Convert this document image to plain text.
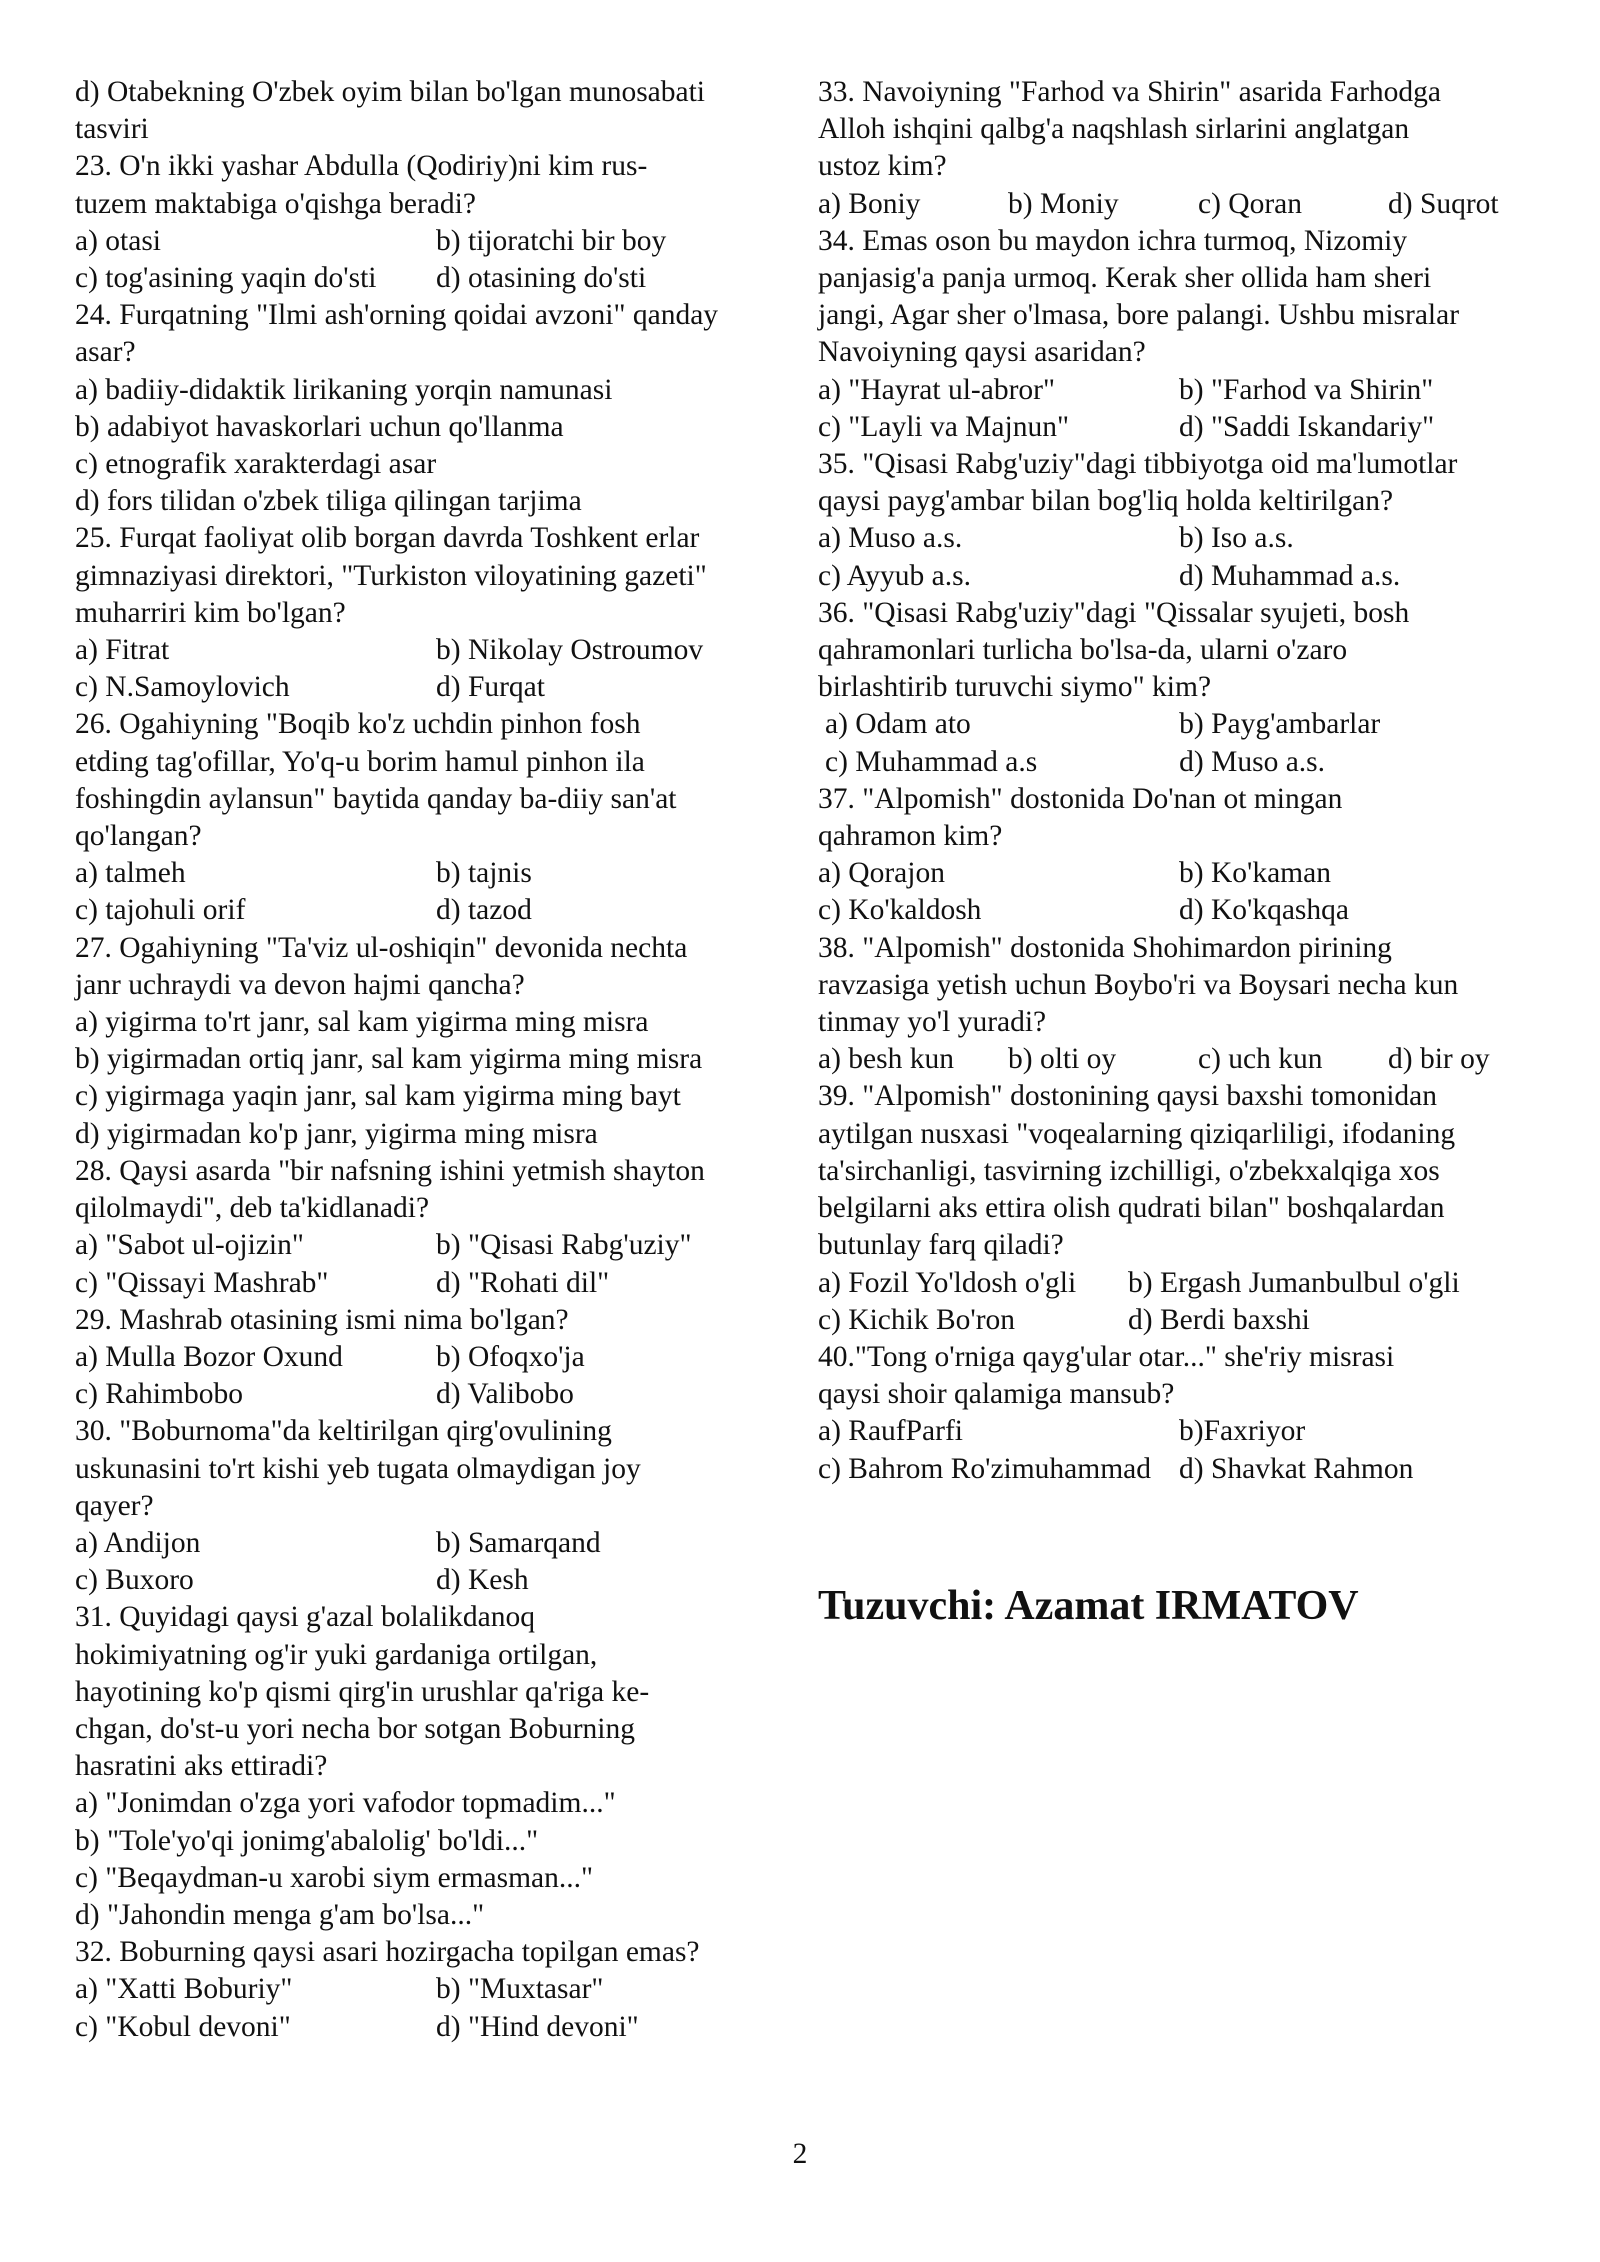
d) Otabekning O'zbek oyim bilan bo'lgan munosabati
tasviri
23. O'n ikki yashar Abdulla (Qodiriy)ni kim rus-
tuzem maktabiga o'qishga beradi?
a) otasi	b) tijoratchi bir boy
c) tog'asining yaqin do'sti	d) otasining do'sti
24. Furqatning "Ilmi ash'orning qoidai avzoni" qanday
asar?
a) badiiy-didaktik lirikaning yorqin namunasi
b) adabiyot havaskorlari uchun qo'llanma
c) etnografik xarakterdagi asar
d) fors tilidan o'zbek tiliga qilingan tarjima
25. Furqat faoliyat olib borgan davrda Toshkent erlar
gimnaziyasi direktori, "Turkiston viloyatining gazeti"
muharriri kim bo'lgan?
a) Fitrat	b) Nikolay Ostroumov
c) N.Samoylovich	d) Furqat
26. Ogahiyning "Boqib ko'z uchdin pinhon fosh
etding tag'ofillar, Yo'q-u borim hamul pinhon ila
foshingdin aylansun" baytida qanday ba-diiy san'at
qo'langan?
a) talmeh	b) tajnis
c) tajohuli orif	d) tazod
27. Ogahiyning "Ta'viz ul-oshiqin" devonida nechta
janr uchraydi va devon hajmi qancha?
a) yigirma to'rt janr, sal kam yigirma ming misra
b) yigirmadan ortiq janr, sal kam yigirma ming misra
c) yigirmaga yaqin janr, sal kam yigirma ming bayt
d) yigirmadan ko'p janr, yigirma ming misra
28. Qaysi asarda "bir nafsning ishini yetmish shayton
qilolmaydi", deb ta'kidlanadi?
a) "Sabot ul-ojizin"	b) "Qisasi Rabg'uziy"
c) "Qissayi Mashrab"	d) "Rohati dil"
29. Mashrab otasining ismi nima bo'lgan?
a) Mulla Bozor Oxund	b) Ofoqxo'ja
c) Rahimbobo	d) Valibobo
30. "Boburnoma"da keltirilgan qirg'ovulining
uskunasini to'rt kishi yeb tugata olmaydigan joy
qayer?
a) Andijon	b) Samarqand
c) Buxoro	d) Kesh
31. Quyidagi qaysi g'azal bolalikdanoq
hokimiyatning og'ir yuki gardaniga ortilgan,
hayotining ko'p qismi qirg'in urushlar qa'riga ke-
chgan, do'st-u yori necha bor sotgan Boburning
hasratini aks ettiradi?
a) "Jonimdan o'zga yori vafodor topmadim..."
b) "Tole'yo'qi jonimg'abalolig' bo'ldi..."
c) "Beqaydman-u xarobi siym ermasman..."
d) "Jahondin menga g'am bo'lsa..."
32. Boburning qaysi asari hozirgacha topilgan emas?
a) "Xatti Boburiy"	b) "Muxtasar"
c) "Kobul devoni"	d) "Hind devoni"
33. Navoiyning "Farhod va Shirin" asarida Farhodga
Alloh ishqini qalbg'a naqshlash sirlarini anglatgan
ustoz kim?
a) Boniy	b) Moniy	c) Qoran	d) Suqrot
34. Emas oson bu maydon ichra turmoq, Nizomiy
panjasig'a panja urmoq. Kerak sher ollida ham sheri
jangi, Agar sher o'lmasa, bore palangi. Ushbu misralar
Navoiyning qaysi asaridan?
a) "Hayrat ul-abror"	b) "Farhod va Shirin"
c) "Layli va Majnun"	d) "Saddi Iskandariy"
35. "Qisasi Rabg'uziy"dagi tibbiyotga oid ma'lumotlar
qaysi payg'ambar bilan bog'liq holda keltirilgan?
a) Muso a.s.	b) Iso a.s.
c) Ayyub a.s.	d) Muhammad a.s.
36. "Qisasi Rabg'uziy"dagi "Qissalar syujeti, bosh
qahramonlari turlicha bo'lsa-da, ularni o'zaro
birlashtirib turuvchi siymo" kim?
a) Odam ato	b) Payg'ambarlar
c) Muhammad a.s	d) Muso a.s.
37. "Alpomish" dostonida Do'nan ot mingan
qahramon kim?
a) Qorajon	b) Ko'kaman
c) Ko'kaldosh	d) Ko'kqashqa
38. "Alpomish" dostonida Shohimardon pirining
ravzasiga yetish uchun Boybo'ri va Boysari necha kun
tinmay yo'l yuradi?
a) besh kun	b) olti oy	c) uch kun	d) bir oy
39. "Alpomish" dostonining qaysi baxshi tomonidan
aytilgan nusxasi "voqealarning qiziqarliligi, ifodaning
ta'sirchanligi, tasvirning izchilligi, o'zbekxalqiga xos
belgilarni aks ettira olish qudrati bilan" boshqalardan
butunlay farq qiladi?
a) Fozil Yo'ldosh o'gli	b) Ergash Jumanbulbul o'gli
c) Kichik Bo'ron	d) Berdi baxshi
40."Tong o'rniga qayg'ular otar..." she'riy misrasi
qaysi shoir qalamiga mansub?
a) RaufParfi	b)Faxriyor
c) Bahrom Ro'zimuhammad d) Shavkat Rahmon
Tuzuvchi: Azamat IRMATOV
2
